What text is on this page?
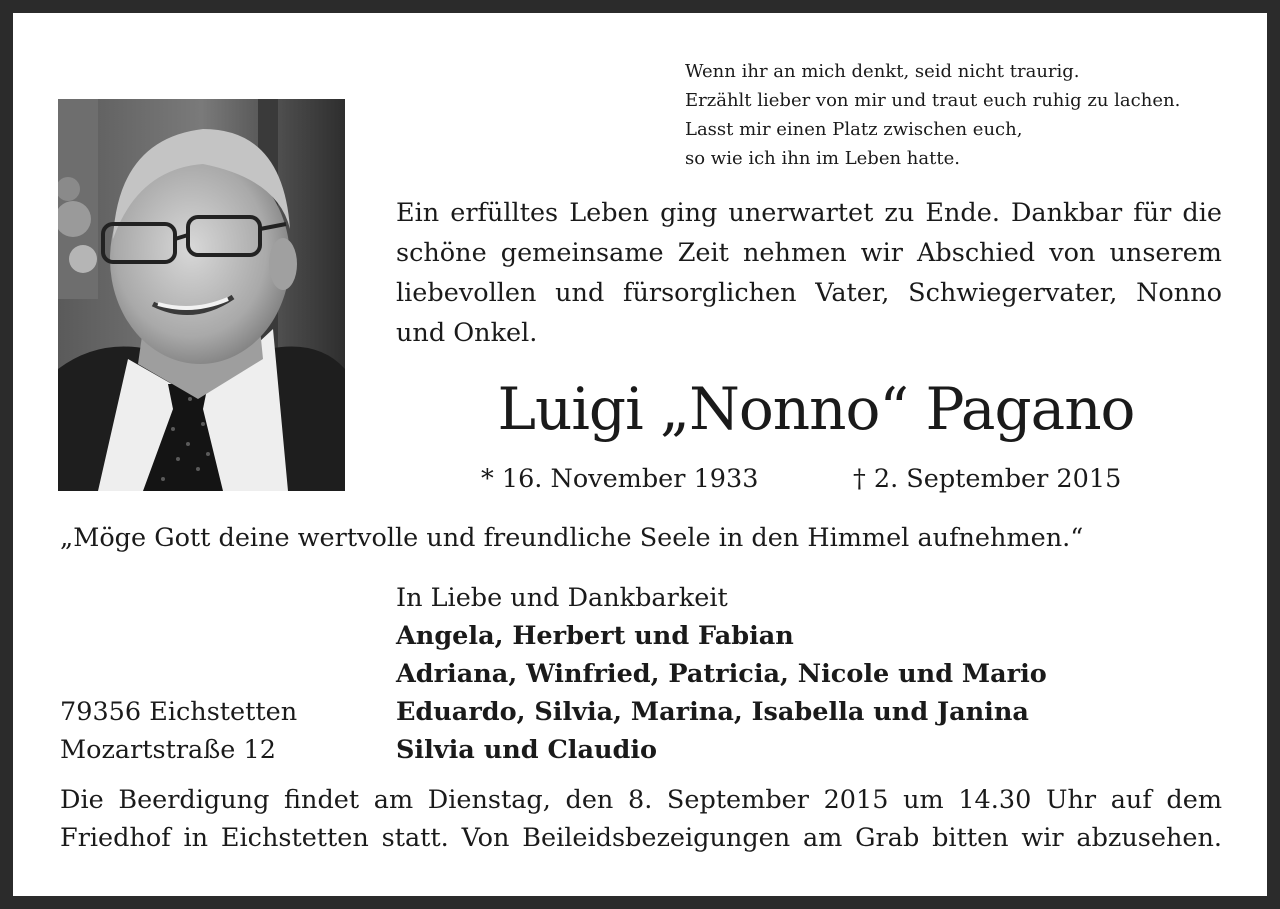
Wenn ihr an mich denkt, seid nicht traurig.
Erzählt lieber von mir und traut euch ruhig zu lachen.
Lasst mir einen Platz zwischen euch,
so wie ich ihn im Leben hatte.
Ein erfülltes Leben ging unerwartet zu Ende. Dankbar für die
schöne gemeinsame Zeit nehmen wir Abschied von unserem
liebevollen und fürsorglichen Vater, Schwiegervater, Nonno
und Onkel.
Luigi „Nonno“ Pagano
* 16. November 1933	† 2. September 2015
„Möge Gott deine wertvolle und freundliche Seele in den Himmel aufnehmen.“
In Liebe und Dankbarkeit
Angela, Herbert und Fabian
Adriana, Winfried, Patricia, Nicole und Mario
Eduardo, Silvia, Marina, Isabella und Janina
Silvia und Claudio
79356 Eichstetten
Mozartstraße 12
Die Beerdigung findet am Dienstag, den 8. September 2015 um 14.30 Uhr auf dem
Friedhof in Eichstetten statt. Von Beileidsbezeigungen am Grab bitten wir abzusehen.
